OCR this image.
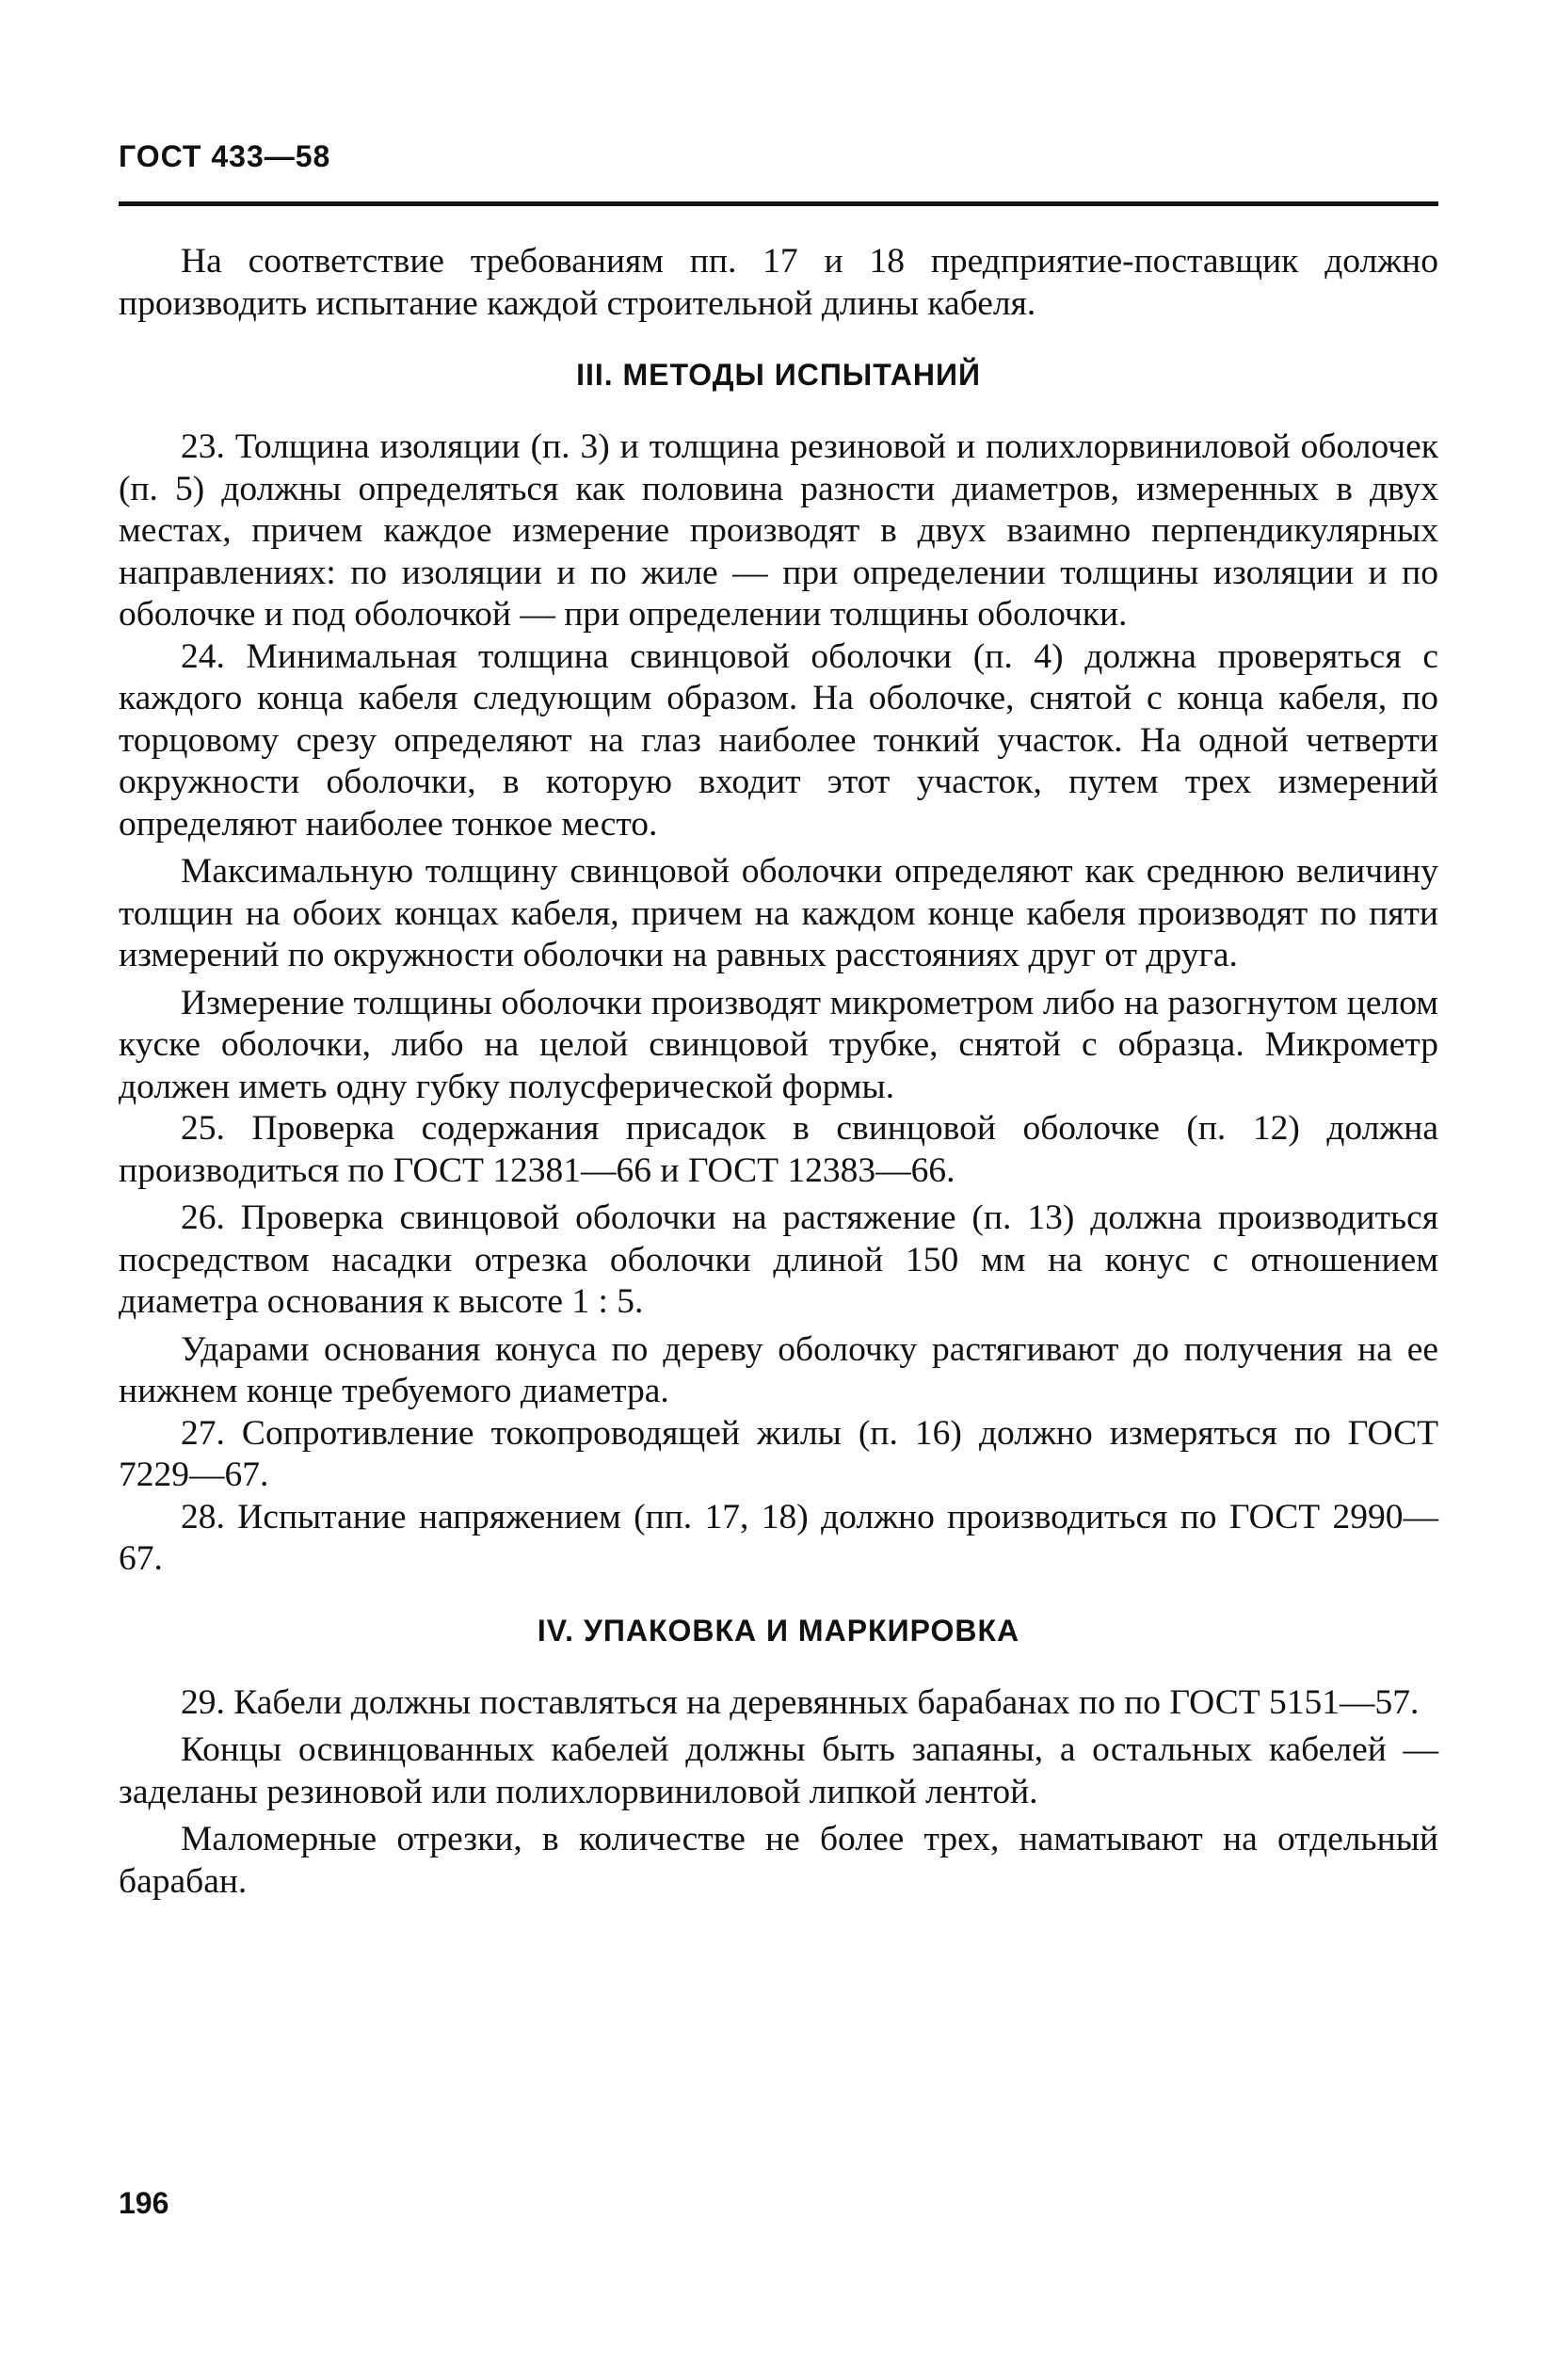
ГОСТ 433—58

На соответствие требованиям пп. 17 и 18 предприятие-поставщик должно производить испытание каждой строительной длины кабеля.

III. МЕТОДЫ ИСПЫТАНИЙ

23. Толщина изоляции (п. 3) и толщина резиновой и полихлорвиниловой оболочек (п. 5) должны определяться как половина разности диаметров, измеренных в двух местах, причем каждое измерение производят в двух взаимно перпендикулярных направлениях: по изоляции и по жиле — при определении толщины изоляции и по оболочке и под оболочкой — при определении толщины оболочки.

24. Минимальная толщина свинцовой оболочки (п. 4) должна проверяться с каждого конца кабеля следующим образом. На оболочке, снятой с конца кабеля, по торцовому срезу определяют на глаз наиболее тонкий участок. На одной четверти окружности оболочки, в которую входит этот участок, путем трех измерений определяют наиболее тонкое место.

Максимальную толщину свинцовой оболочки определяют как среднюю величину толщин на обоих концах кабеля, причем на каждом конце кабеля производят по пяти измерений по окружности оболочки на равных расстояниях друг от друга.

Измерение толщины оболочки производят микрометром либо на разогнутом целом куске оболочки, либо на целой свинцовой трубке, снятой с образца. Микрометр должен иметь одну губку полусферической формы.

25. Проверка содержания присадок в свинцовой оболочке (п. 12) должна производиться по ГОСТ 12381—66 и ГОСТ 12383—66.

26. Проверка свинцовой оболочки на растяжение (п. 13) должна производиться посредством насадки отрезка оболочки длиной 150 мм на конус с отношением диаметра основания к высоте 1 : 5.

Ударами основания конуса по дереву оболочку растягивают до получения на ее нижнем конце требуемого диаметра.

27. Сопротивление токопроводящей жилы (п. 16) должно измеряться по ГОСТ 7229—67.

28. Испытание напряжением (пп. 17, 18) должно производиться по ГОСТ 2990—67.

IV. УПАКОВКА И МАРКИРОВКА

29. Кабели должны поставляться на деревянных барабанах по по ГОСТ 5151—57.

Концы освинцованных кабелей должны быть запаяны, а остальных кабелей — заделаны резиновой или полихлорвиниловой липкой лентой.

Маломерные отрезки, в количестве не более трех, наматывают на отдельный барабан.

196
